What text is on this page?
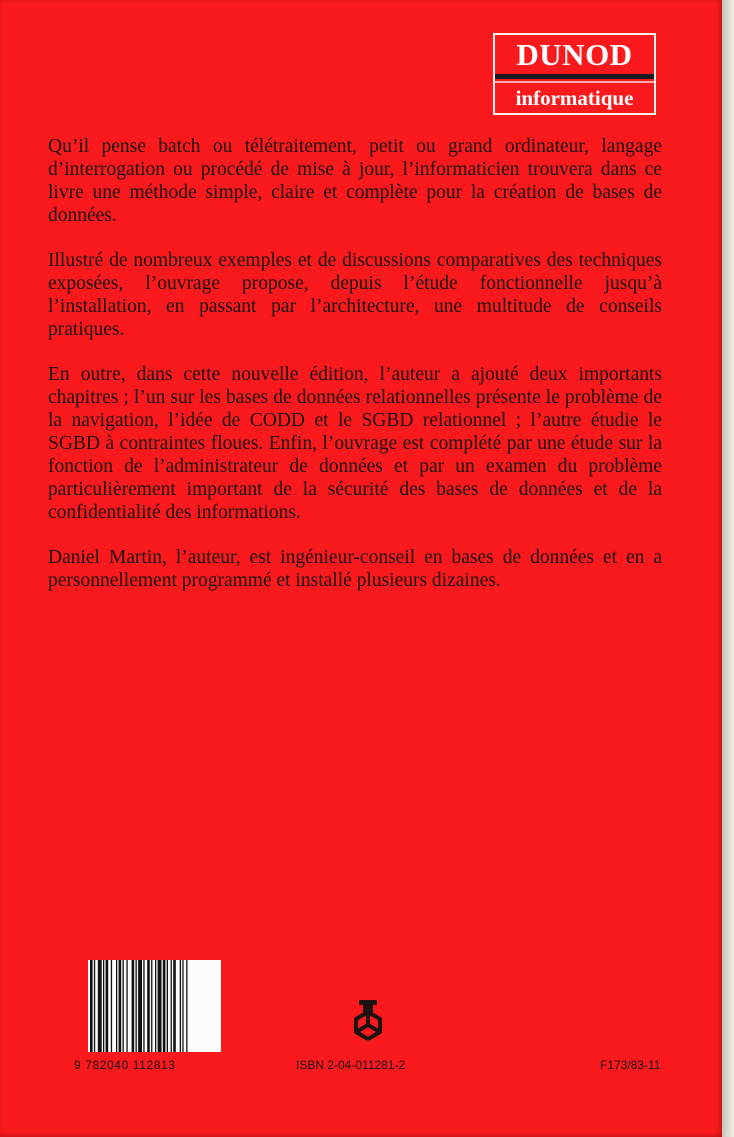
DUNOD
informatique

Qu’il pense batch ou télétraitement, petit ou grand ordinateur, langage d’interrogation ou procédé de mise à jour, l’informaticien trouvera dans ce livre une méthode simple, claire et complète pour la création de bases de données.

Illustré de nombreux exemples et de discussions comparatives des techniques exposées, l’ouvrage propose, depuis l’étude fonctionnelle jusqu’à l’installation, en passant par l’architecture, une multitude de conseils pratiques.

En outre, dans cette nouvelle édition, l’auteur a ajouté deux importants chapitres ; l’un sur les bases de données relationnelles présente le problème de la navigation, l’idée de CODD et le SGBD relationnel ; l’autre étudie le SGBD à contraintes floues. Enfin, l’ouvrage est complété par une étude sur la fonction de l’administrateur de données et par un examen du problème particulièrement important de la sécurité des bases de données et de la confidentialité des informations.

Daniel Martin, l’auteur, est ingénieur-conseil en bases de données et en a personnellement programmé et installé plusieurs dizaines.

9 782040 112813	ISBN 2-04-011281-2	F173/83-11
